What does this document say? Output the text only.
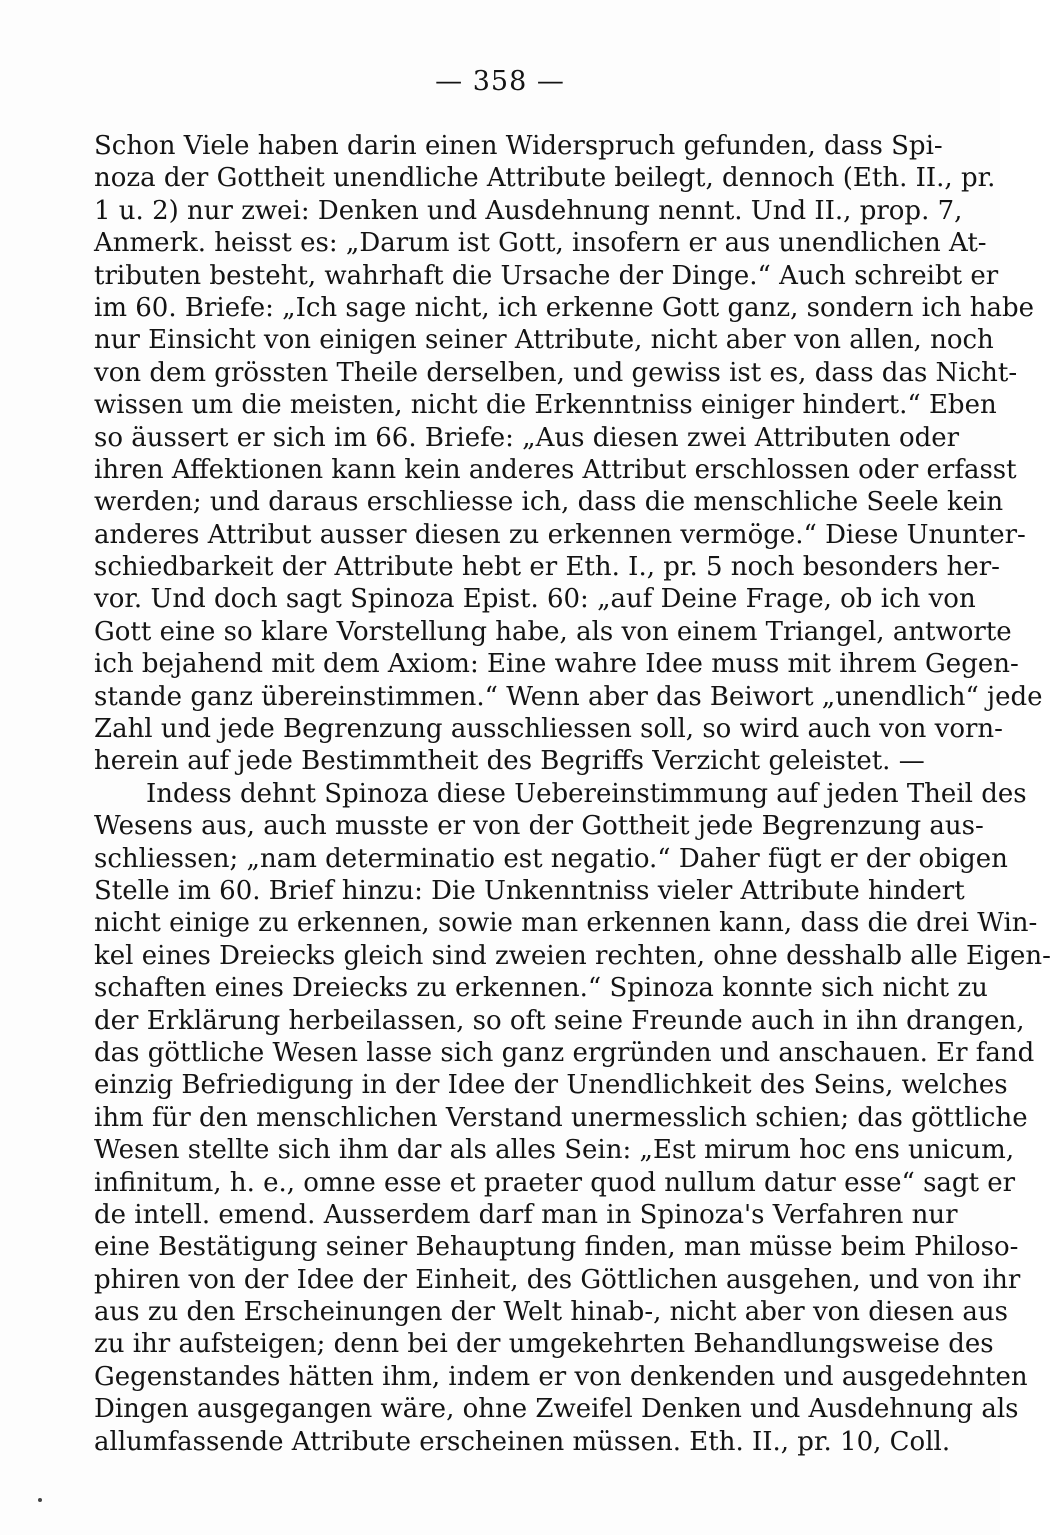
— 358 —
Schon Viele haben darin einen Widerspruch gefunden, dass Spi-
noza der Gottheit unendliche Attribute beilegt, dennoch (Eth. II., pr.
1 u. 2) nur zwei: Denken und Ausdehnung nennt. Und II., prop. 7,
Anmerk. heisst es: „Darum ist Gott, insofern er aus unendlichen At-
tributen besteht, wahrhaft die Ursache der Dinge.“ Auch schreibt er
im 60. Briefe: „Ich sage nicht, ich erkenne Gott ganz, sondern ich habe
nur Einsicht von einigen seiner Attribute, nicht aber von allen, noch
von dem grössten Theile derselben, und gewiss ist es, dass das Nicht-
wissen um die meisten, nicht die Erkenntniss einiger hindert.“ Eben
so äussert er sich im 66. Briefe: „Aus diesen zwei Attributen oder
ihren Affektionen kann kein anderes Attribut erschlossen oder erfasst
werden; und daraus erschliesse ich, dass die menschliche Seele kein
anderes Attribut ausser diesen zu erkennen vermöge.“ Diese Ununter-
schiedbarkeit der Attribute hebt er Eth. I., pr. 5 noch besonders her-
vor. Und doch sagt Spinoza Epist. 60: „auf Deine Frage, ob ich von
Gott eine so klare Vorstellung habe, als von einem Triangel, antworte
ich bejahend mit dem Axiom: Eine wahre Idee muss mit ihrem Gegen-
stande ganz übereinstimmen.“ Wenn aber das Beiwort „unendlich“ jede
Zahl und jede Begrenzung ausschliessen soll, so wird auch von vorn-
herein auf jede Bestimmtheit des Begriffs Verzicht geleistet. —
Indess dehnt Spinoza diese Uebereinstimmung auf jeden Theil des
Wesens aus, auch musste er von der Gottheit jede Begrenzung aus-
schliessen; „nam determinatio est negatio.“ Daher fügt er der obigen
Stelle im 60. Brief hinzu: Die Unkenntniss vieler Attribute hindert
nicht einige zu erkennen, sowie man erkennen kann, dass die drei Win-
kel eines Dreiecks gleich sind zweien rechten, ohne desshalb alle Eigen-
schaften eines Dreiecks zu erkennen.“ Spinoza konnte sich nicht zu
der Erklärung herbeilassen, so oft seine Freunde auch in ihn drangen,
das göttliche Wesen lasse sich ganz ergründen und anschauen. Er fand
einzig Befriedigung in der Idee der Unendlichkeit des Seins, welches
ihm für den menschlichen Verstand unermesslich schien; das göttliche
Wesen stellte sich ihm dar als alles Sein: „Est mirum hoc ens unicum,
infinitum, h. e., omne esse et praeter quod nullum datur esse“ sagt er
de intell. emend. Ausserdem darf man in Spinoza's Verfahren nur
eine Bestätigung seiner Behauptung finden, man müsse beim Philoso-
phiren von der Idee der Einheit, des Göttlichen ausgehen, und von ihr
aus zu den Erscheinungen der Welt hinab-, nicht aber von diesen aus
zu ihr aufsteigen; denn bei der umgekehrten Behandlungsweise des
Gegenstandes hätten ihm, indem er von denkenden und ausgedehnten
Dingen ausgegangen wäre, ohne Zweifel Denken und Ausdehnung als
allumfassende Attribute erscheinen müssen. Eth. II., pr. 10, Coll.
